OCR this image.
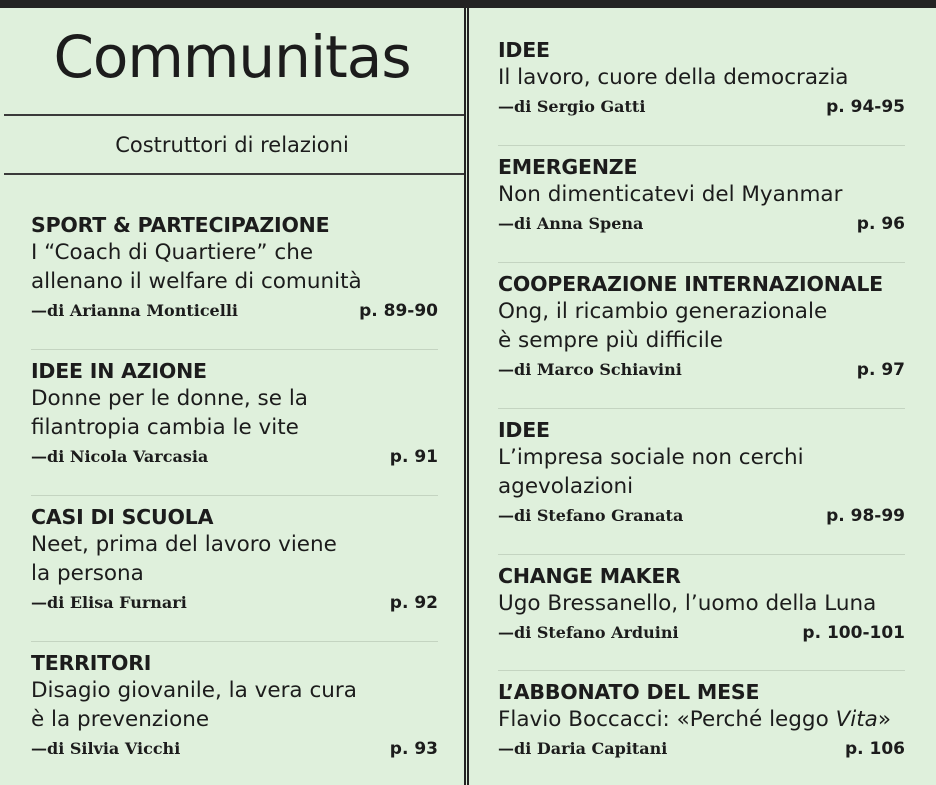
Communitas
Costruttori di relazioni
SPORT & PARTECIPAZIONE
I “Coach di Quartiere” che
allenano il welfare di comunità
—di Arianna Monticelli	p. 89-90
IDEE IN AZIONE
Donne per le donne, se la
filantropia cambia le vite
—di Nicola Varcasia	p. 91
CASI DI SCUOLA
Neet, prima del lavoro viene
la persona
—di Elisa Furnari	p. 92
TERRITORI
Disagio giovanile, la vera cura
è la prevenzione
—di Silvia Vicchi	p. 93
IDEE
Il lavoro, cuore della democrazia
—di Sergio Gatti	p. 94-95
EMERGENZE
Non dimenticatevi del Myanmar
—di Anna Spena	p. 96
COOPERAZIONE INTERNAZIONALE
Ong, il ricambio generazionale
è sempre più difficile
—di Marco Schiavini	p. 97
IDEE
L’impresa sociale non cerchi
agevolazioni
—di Stefano Granata	p. 98-99
CHANGE MAKER
Ugo Bressanello, l’uomo della Luna
—di Stefano Arduini	p. 100-101
L’ABBONATO DEL MESE
Flavio Boccacci: «Perché leggo Vita»
—di Daria Capitani	p. 106
